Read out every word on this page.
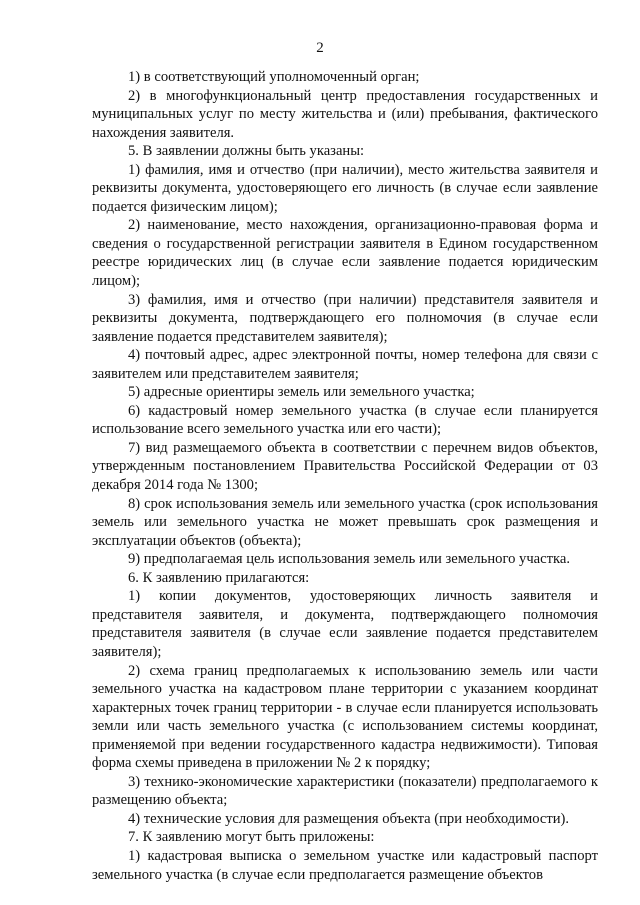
2

1) в соответствующий уполномоченный орган;

2) в многофункциональный центр предоставления государственных и муниципальных услуг по месту жительства и (или) пребывания, фактического нахождения заявителя.

5. В заявлении должны быть указаны:

1) фамилия, имя и отчество (при наличии), место жительства заявителя и реквизиты документа, удостоверяющего его личность (в случае если заявление подается физическим лицом);

2) наименование, место нахождения, организационно-правовая форма и сведения о государственной регистрации заявителя в Едином государственном реестре юридических лиц (в случае если заявление подается юридическим лицом);

3) фамилия, имя и отчество (при наличии) представителя заявителя и реквизиты документа, подтверждающего его полномочия (в случае если заявление подается представителем заявителя);

4) почтовый адрес, адрес электронной почты, номер телефона для связи с заявителем или представителем заявителя;

5) адресные ориентиры земель или земельного участка;

6) кадастровый номер земельного участка (в случае если планируется использование всего земельного участка или его части);

7) вид размещаемого объекта в соответствии с перечнем видов объектов, утвержденным постановлением Правительства Российской Федерации от 03 декабря 2014 года № 1300;

8) срок использования земель или земельного участка (срок использования земель или земельного участка не может превышать срок размещения и эксплуатации объектов (объекта);

9) предполагаемая цель использования земель или земельного участка.

6. К заявлению прилагаются:

1) копии документов, удостоверяющих личность заявителя и представителя заявителя, и документа, подтверждающего полномочия представителя заявителя (в случае если заявление подается представителем заявителя);

2) схема границ предполагаемых к использованию земель или части земельного участка на кадастровом плане территории с указанием координат характерных точек границ территории - в случае если планируется использовать земли или часть земельного участка (с использованием системы координат, применяемой при ведении государственного кадастра недвижимости). Типовая форма схемы приведена в приложении № 2 к порядку;

3) технико-экономические характеристики (показатели) предполагаемого к размещению объекта;

4) технические условия для размещения объекта (при необходимости).

7. К заявлению могут быть приложены:

1) кадастровая выписка о земельном участке или кадастровый паспорт земельного участка (в случае если предполагается размещение объектов
